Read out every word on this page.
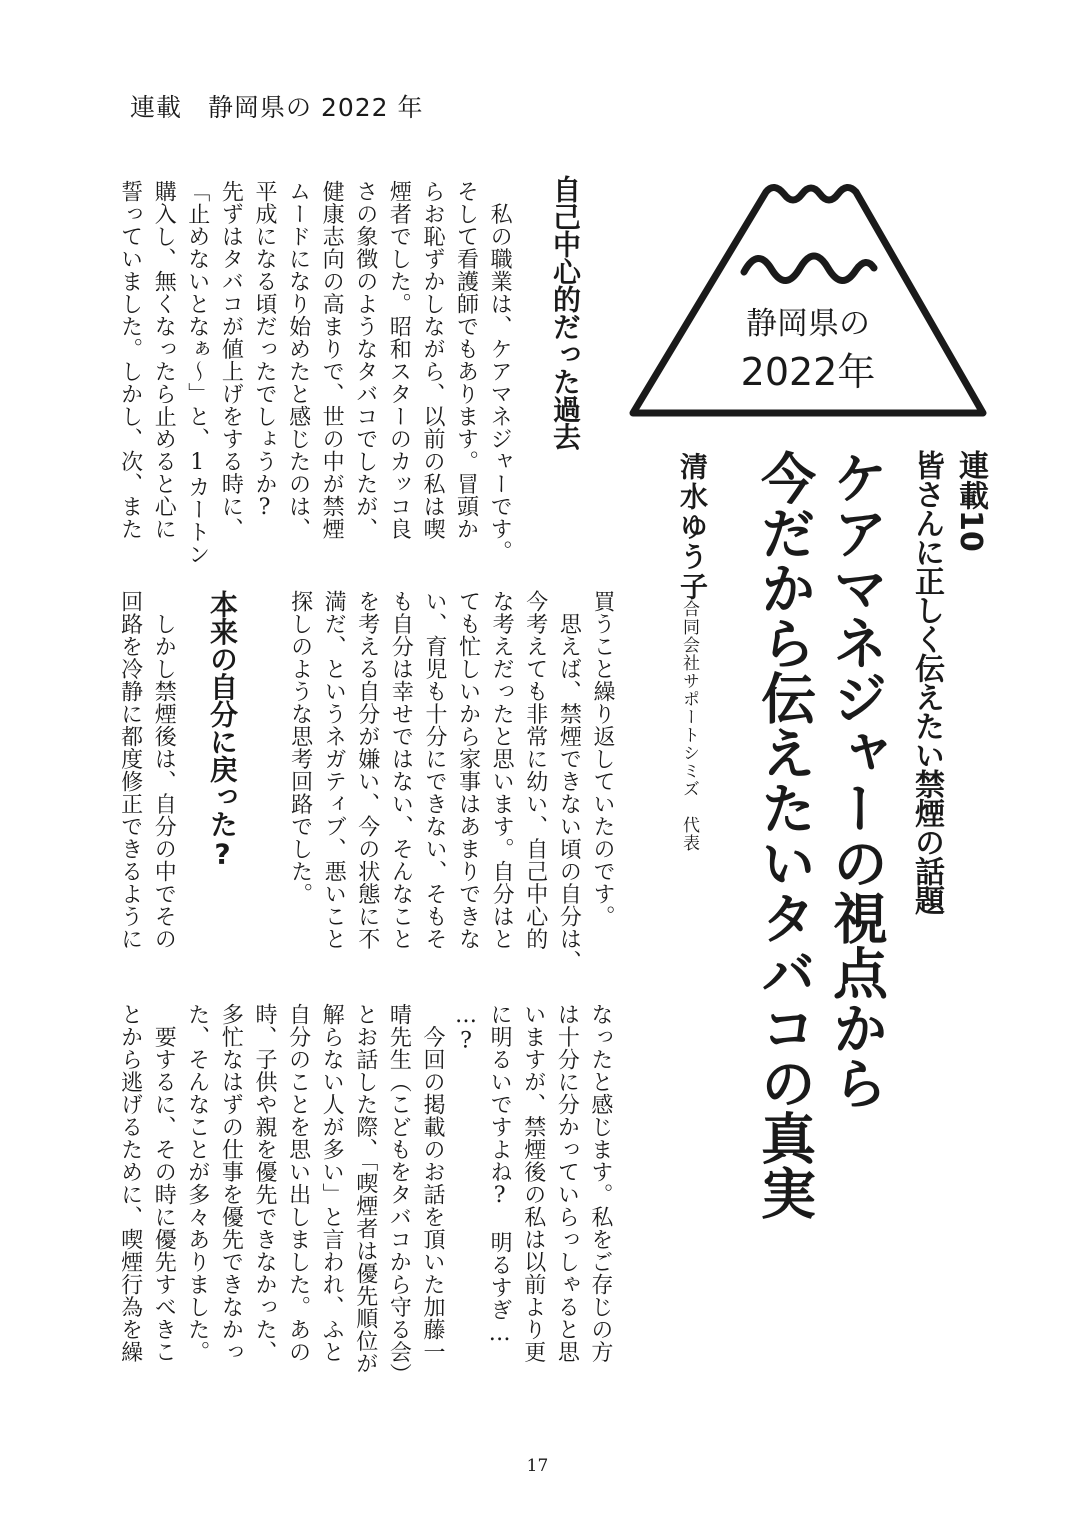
連載　静岡県の 2022 年
静岡県の
2022年
連載10
皆さんに正しく伝えたい禁煙の話題
ケアマネジャーの視点から
今だから伝えたいタバコの真実
清水ゆう子
合同会社サポートシミズ　代表
自己中心的だった過去
　私の職業は、ケアマネジャーです。
そして看護師でもあります。冒頭か
らお恥ずかしながら、以前の私は喫
煙者でした。昭和スターのカッコ良
さの象徴のようなタバコでしたが、
健康志向の高まりで、世の中が禁煙
ムードになり始めたと感じたのは、
平成になる頃だったでしょうか?
先ずはタバコが値上げをする時に、
「止めないとなぁ～」と、1カートン
購入し、無くなったら止めると心に
誓っていました。しかし、次、また
買うこと繰り返していたのです。
　思えば、禁煙できない頃の自分は、
今考えても非常に幼い、自己中心的
な考えだったと思います。自分はと
ても忙しいから家事はあまりできな
い、育児も十分にできない、そもそ
も自分は幸せではない、そんなこと
を考える自分が嫌い、今の状態に不
満だ、というネガティブ、悪いこと
探しのような思考回路でした。
本来の自分に戻った?
　しかし禁煙後は、自分の中でその
回路を冷静に都度修正できるように
なったと感じます。私をご存じの方
は十分に分かっていらっしゃると思
いますが、禁煙後の私は以前より更
に明るいですよね?　明るすぎ…
…?
　今回の掲載のお話を頂いた加藤一
晴先生（こどもをタバコから守る会）
とお話した際、「喫煙者は優先順位が
解らない人が多い」と言われ、ふと
自分のことを思い出しました。あの
時、子供や親を優先できなかった、
多忙なはずの仕事を優先できなかっ
た、そんなことが多々ありました。
　要するに、その時に優先すべきこ
とから逃げるために、喫煙行為を繰
17
